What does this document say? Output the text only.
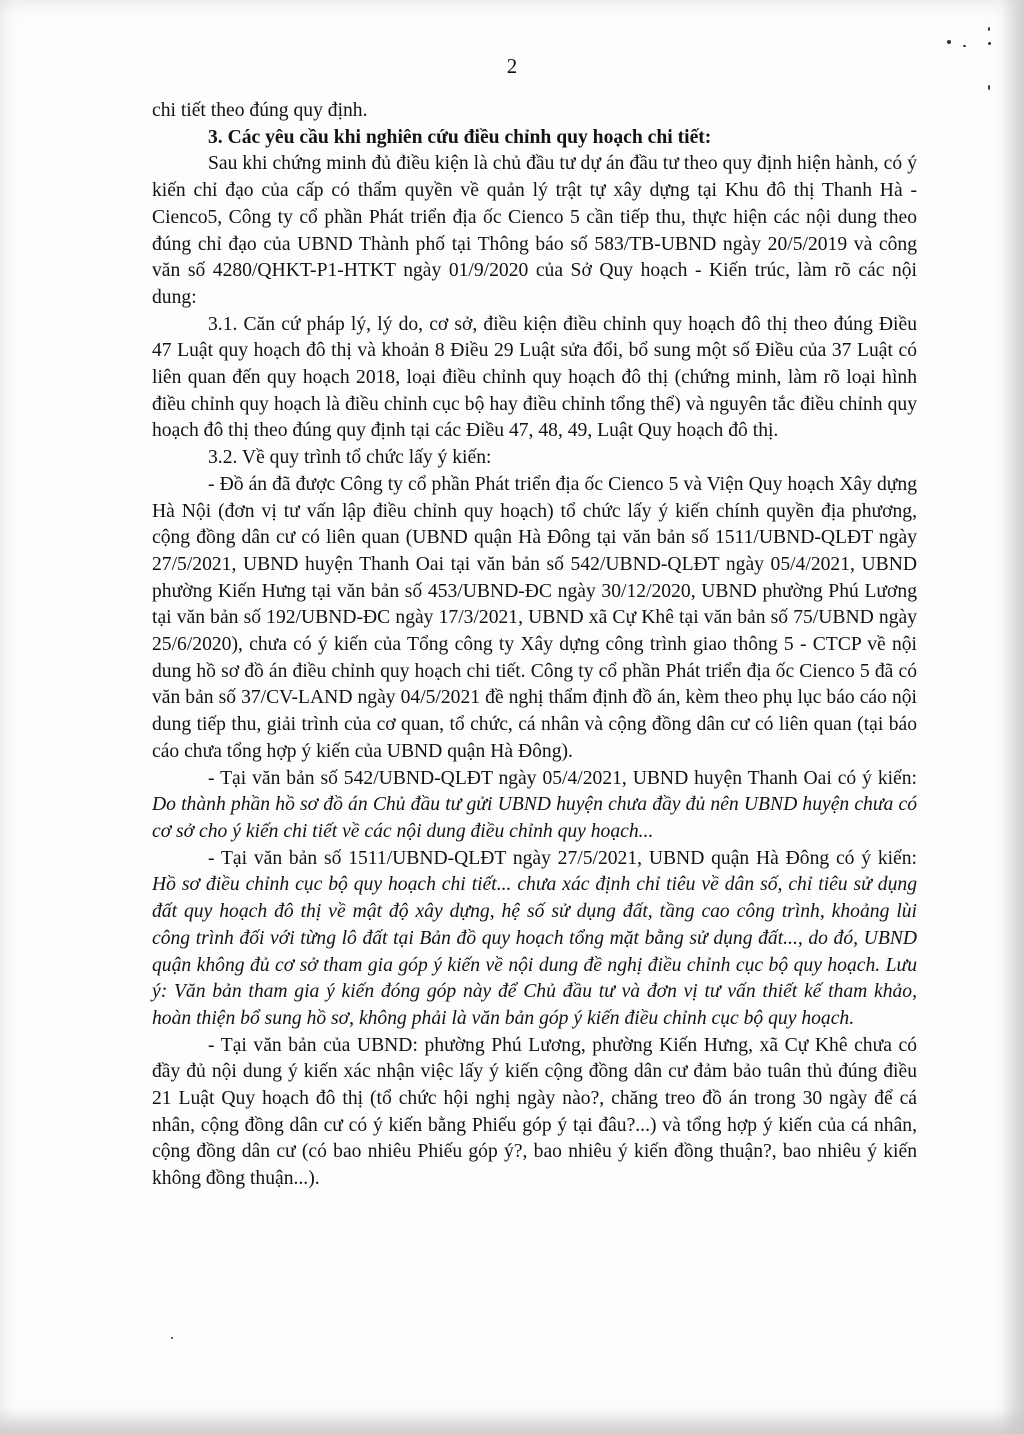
2

chi tiết theo đúng quy định.

3. Các yêu cầu khi nghiên cứu điều chỉnh quy hoạch chi tiết:

Sau khi chứng minh đủ điều kiện là chủ đầu tư dự án đầu tư theo quy định hiện hành, có ý kiến chỉ đạo của cấp có thẩm quyền về quản lý trật tự xây dựng tại Khu đô thị Thanh Hà - Cienco5, Công ty cổ phần Phát triển địa ốc Cienco 5 cần tiếp thu, thực hiện các nội dung theo đúng chỉ đạo của UBND Thành phố tại Thông báo số 583/TB-UBND ngày 20/5/2019 và công văn số 4280/QHKT-P1-HTKT ngày 01/9/2020 của Sở Quy hoạch - Kiến trúc, làm rõ các nội dung:

3.1. Căn cứ pháp lý, lý do, cơ sở, điều kiện điều chỉnh quy hoạch đô thị theo đúng Điều 47 Luật quy hoạch đô thị và khoản 8 Điều 29 Luật sửa đổi, bổ sung một số Điều của 37 Luật có liên quan đến quy hoạch 2018, loại điều chỉnh quy hoạch đô thị (chứng minh, làm rõ loại hình điều chỉnh quy hoạch là điều chỉnh cục bộ hay điều chỉnh tổng thể) và nguyên tắc điều chỉnh quy hoạch đô thị theo đúng quy định tại các Điều 47, 48, 49, Luật Quy hoạch đô thị.

3.2. Về quy trình tổ chức lấy ý kiến:

- Đồ án đã được Công ty cổ phần Phát triển địa ốc Cienco 5 và Viện Quy hoạch Xây dựng Hà Nội (đơn vị tư vấn lập điều chỉnh quy hoạch) tổ chức lấy ý kiến chính quyền địa phương, cộng đồng dân cư có liên quan (UBND quận Hà Đông tại văn bản số 1511/UBND-QLĐT ngày 27/5/2021, UBND huyện Thanh Oai tại văn bản số 542/UBND-QLĐT ngày 05/4/2021, UBND phường Kiến Hưng tại văn bản số 453/UBND-ĐC ngày 30/12/2020, UBND phường Phú Lương tại văn bản số 192/UBND-ĐC ngày 17/3/2021, UBND xã Cự Khê tại văn bản số 75/UBND ngày 25/6/2020), chưa có ý kiến của Tổng công ty Xây dựng công trình giao thông 5 - CTCP về nội dung hồ sơ đồ án điều chỉnh quy hoạch chi tiết. Công ty cổ phần Phát triển địa ốc Cienco 5 đã có văn bản số 37/CV-LAND ngày 04/5/2021 đề nghị thẩm định đồ án, kèm theo phụ lục báo cáo nội dung tiếp thu, giải trình của cơ quan, tổ chức, cá nhân và cộng đồng dân cư có liên quan (tại báo cáo chưa tổng hợp ý kiến của UBND quận Hà Đông).

- Tại văn bản số 542/UBND-QLĐT ngày 05/4/2021, UBND huyện Thanh Oai có ý kiến: Do thành phần hồ sơ đồ án Chủ đầu tư gửi UBND huyện chưa đầy đủ nên UBND huyện chưa có cơ sở cho ý kiến chi tiết về các nội dung điều chỉnh quy hoạch...

- Tại văn bản số 1511/UBND-QLĐT ngày 27/5/2021, UBND quận Hà Đông có ý kiến: Hồ sơ điều chỉnh cục bộ quy hoạch chi tiết... chưa xác định chỉ tiêu về dân số, chỉ tiêu sử dụng đất quy hoạch đô thị về mật độ xây dựng, hệ số sử dụng đất, tầng cao công trình, khoảng lùi công trình đối với từng lô đất tại Bản đồ quy hoạch tổng mặt bằng sử dụng đất..., do đó, UBND quận không đủ cơ sở tham gia góp ý kiến về nội dung đề nghị điều chỉnh cục bộ quy hoạch. Lưu ý: Văn bản tham gia ý kiến đóng góp này để Chủ đầu tư và đơn vị tư vấn thiết kế tham khảo, hoàn thiện bổ sung hồ sơ, không phải là văn bản góp ý kiến điều chỉnh cục bộ quy hoạch.

- Tại văn bản của UBND: phường Phú Lương, phường Kiến Hưng, xã Cự Khê chưa có đầy đủ nội dung ý kiến xác nhận việc lấy ý kiến cộng đồng dân cư đảm bảo tuân thủ đúng điều 21 Luật Quy hoạch đô thị (tổ chức hội nghị ngày nào?, chăng treo đồ án trong 30 ngày để cá nhân, cộng đồng dân cư có ý kiến bằng Phiếu góp ý tại đâu?...) và tổng hợp ý kiến của cá nhân, cộng đồng dân cư (có bao nhiêu Phiếu góp ý?, bao nhiêu ý kiến đồng thuận?, bao nhiêu ý kiến không đồng thuận...).
